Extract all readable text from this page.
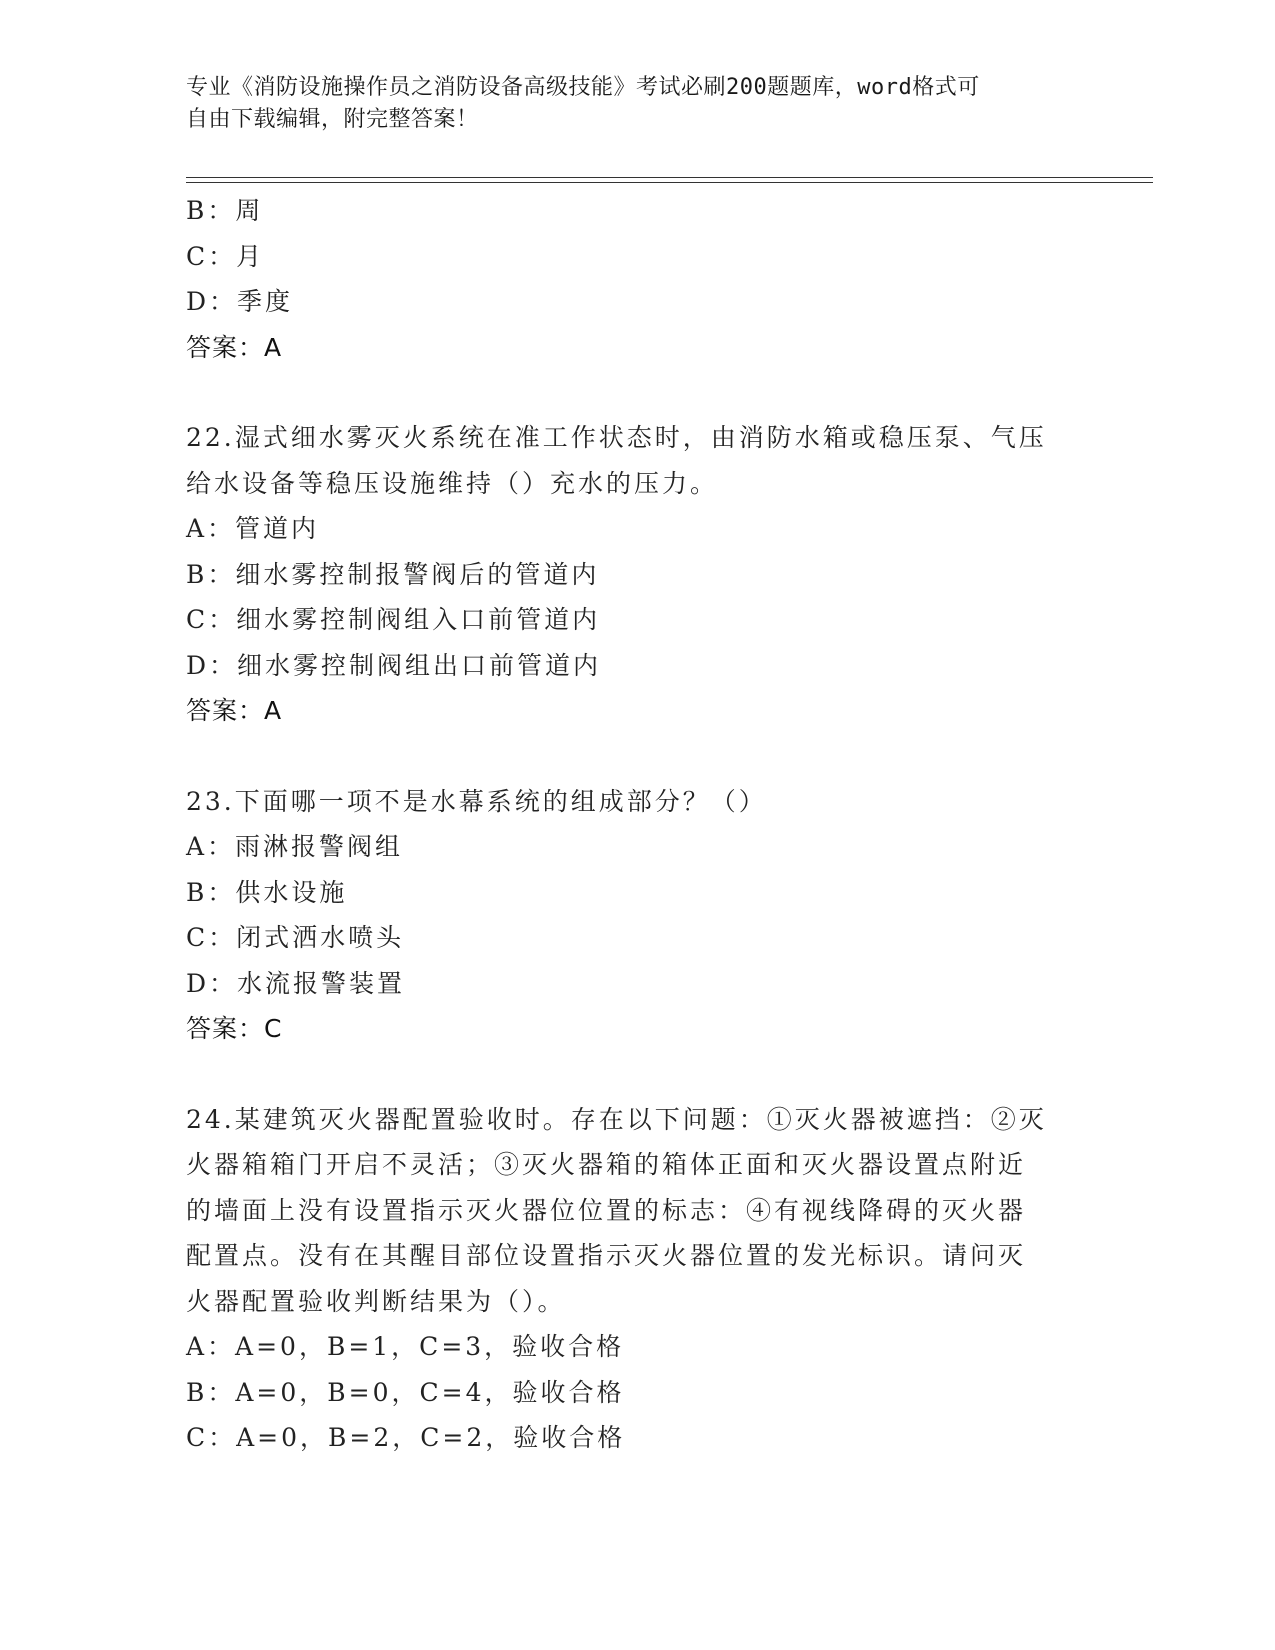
专业《消防设施操作员之消防设备高级技能》考试必刷200题题库，word格式可
自由下载编辑，附完整答案！
B：周
C：月
D：季度
答案：A
22.湿式细水雾灭火系统在准工作状态时，由消防水箱或稳压泵、气压
给水设备等稳压设施维持（）充水的压力。
A：管道内
B：细水雾控制报警阀后的管道内
C：细水雾控制阀组入口前管道内
D：细水雾控制阀组出口前管道内
答案：A
23.下面哪一项不是水幕系统的组成部分？（）
A：雨淋报警阀组
B：供水设施
C：闭式洒水喷头
D：水流报警装置
答案：C
24.某建筑灭火器配置验收时。存在以下问题：①灭火器被遮挡：②灭
火器箱箱门开启不灵活；③灭火器箱的箱体正面和灭火器设置点附近
的墙面上没有设置指示灭火器位位置的标志：④有视线降碍的灭火器
配置点。没有在其醒目部位设置指示灭火器位置的发光标识。请问灭
火器配置验收判断结果为（）。
A：A=0，B=1，C=3，验收合格
B：A=0，B=0，C=4，验收合格
C：A=0，B=2，C=2，验收合格
